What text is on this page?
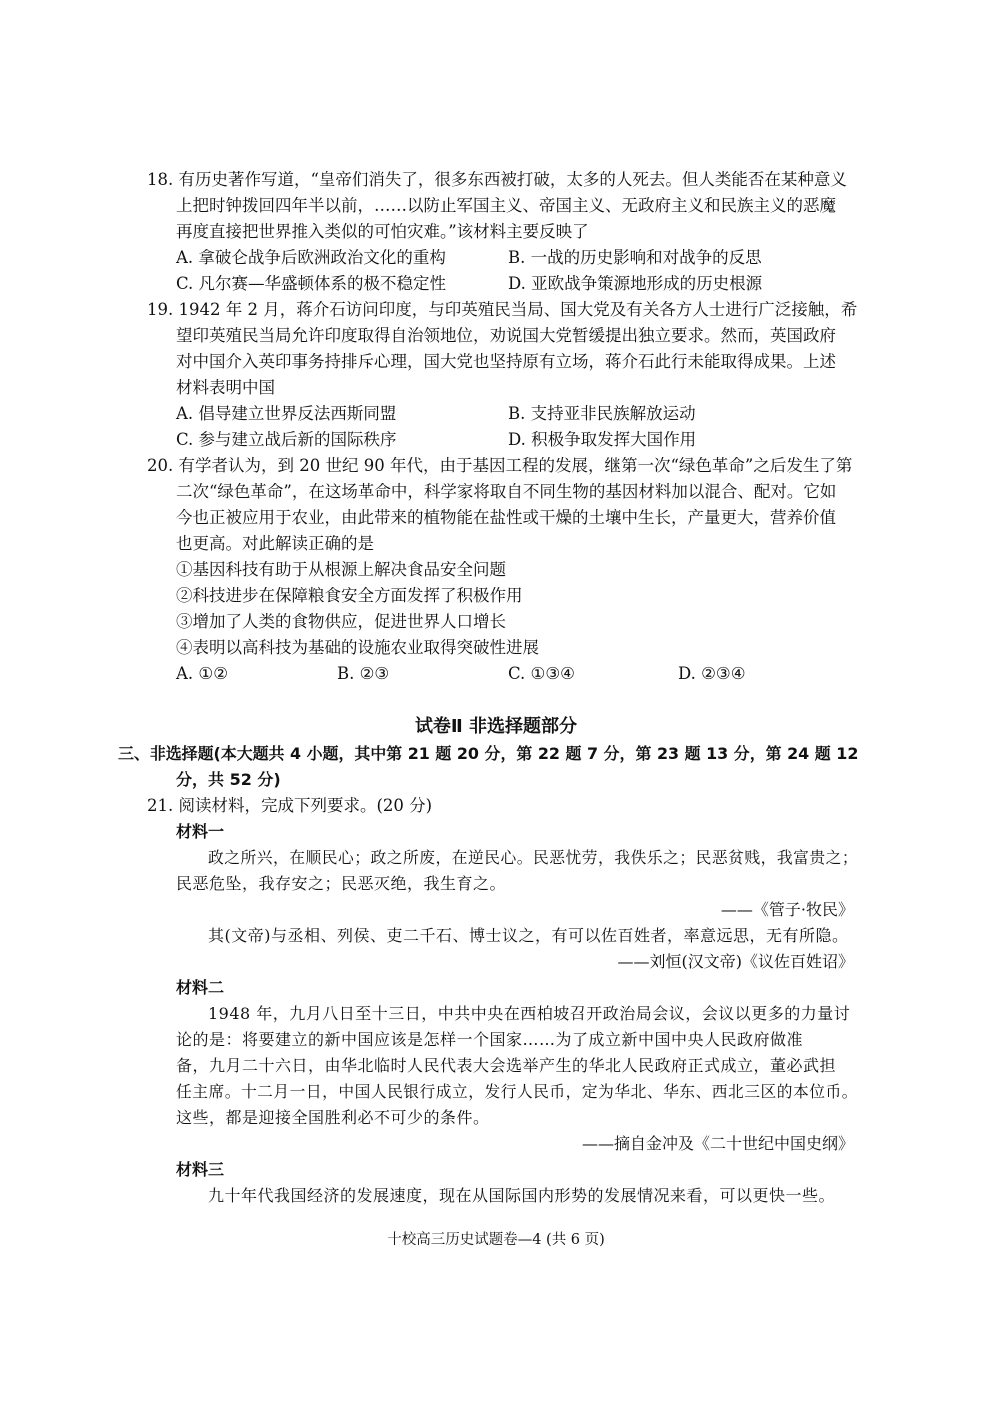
18. 有历史著作写道，“皇帝们消失了，很多东西被打破，太多的人死去。但人类能否在某种意义
上把时钟拨回四年半以前，……以防止军国主义、帝国主义、无政府主义和民族主义的恶魔
再度直接把世界推入类似的可怕灾难。”该材料主要反映了
A. 拿破仑战争后欧洲政治文化的重构	B. 一战的历史影响和对战争的反思
C. 凡尔赛—华盛顿体系的极不稳定性	D. 亚欧战争策源地形成的历史根源
19. 1942 年 2 月，蒋介石访问印度，与印英殖民当局、国大党及有关各方人士进行广泛接触，希
望印英殖民当局允许印度取得自治领地位，劝说国大党暂缓提出独立要求。然而，英国政府
对中国介入英印事务持排斥心理，国大党也坚持原有立场，蒋介石此行未能取得成果。上述
材料表明中国
A. 倡导建立世界反法西斯同盟	B. 支持亚非民族解放运动
C. 参与建立战后新的国际秩序	D. 积极争取发挥大国作用
20. 有学者认为，到 20 世纪 90 年代，由于基因工程的发展，继第一次“绿色革命”之后发生了第
二次“绿色革命”，在这场革命中，科学家将取自不同生物的基因材料加以混合、配对。它如
今也正被应用于农业，由此带来的植物能在盐性或干燥的土壤中生长，产量更大，营养价值
也更高。对此解读正确的是
①基因科技有助于从根源上解决食品安全问题
②科技进步在保障粮食安全方面发挥了积极作用
③增加了人类的食物供应，促进世界人口增长
④表明以高科技为基础的设施农业取得突破性进展
A. ①②	B. ②③	C. ①③④	D. ②③④
试卷Ⅱ 非选择题部分
三、非选择题(本大题共 4 小题，其中第 21 题 20 分，第 22 题 7 分，第 23 题 13 分，第 24 题 12
分，共 52 分)
21. 阅读材料，完成下列要求。(20 分)
材料一
政之所兴，在顺民心；政之所废，在逆民心。民恶忧劳，我佚乐之；民恶贫贱，我富贵之；
民恶危坠，我存安之；民恶灭绝，我生育之。
——《管子·牧民》
其(文帝)与丞相、列侯、吏二千石、博士议之，有可以佐百姓者，率意远思，无有所隐。
——刘恒(汉文帝)《议佐百姓诏》
材料二
1948 年，九月八日至十三日，中共中央在西柏坡召开政治局会议，会议以更多的力量讨
论的是：将要建立的新中国应该是怎样一个国家……为了成立新中国中央人民政府做准
备，九月二十六日，由华北临时人民代表大会选举产生的华北人民政府正式成立，董必武担
任主席。十二月一日，中国人民银行成立，发行人民币，定为华北、华东、西北三区的本位币。
这些，都是迎接全国胜利必不可少的条件。
——摘自金冲及《二十世纪中国史纲》
材料三
九十年代我国经济的发展速度，现在从国际国内形势的发展情况来看，可以更快一些。
十校高三历史试题卷—4 (共 6 页)
